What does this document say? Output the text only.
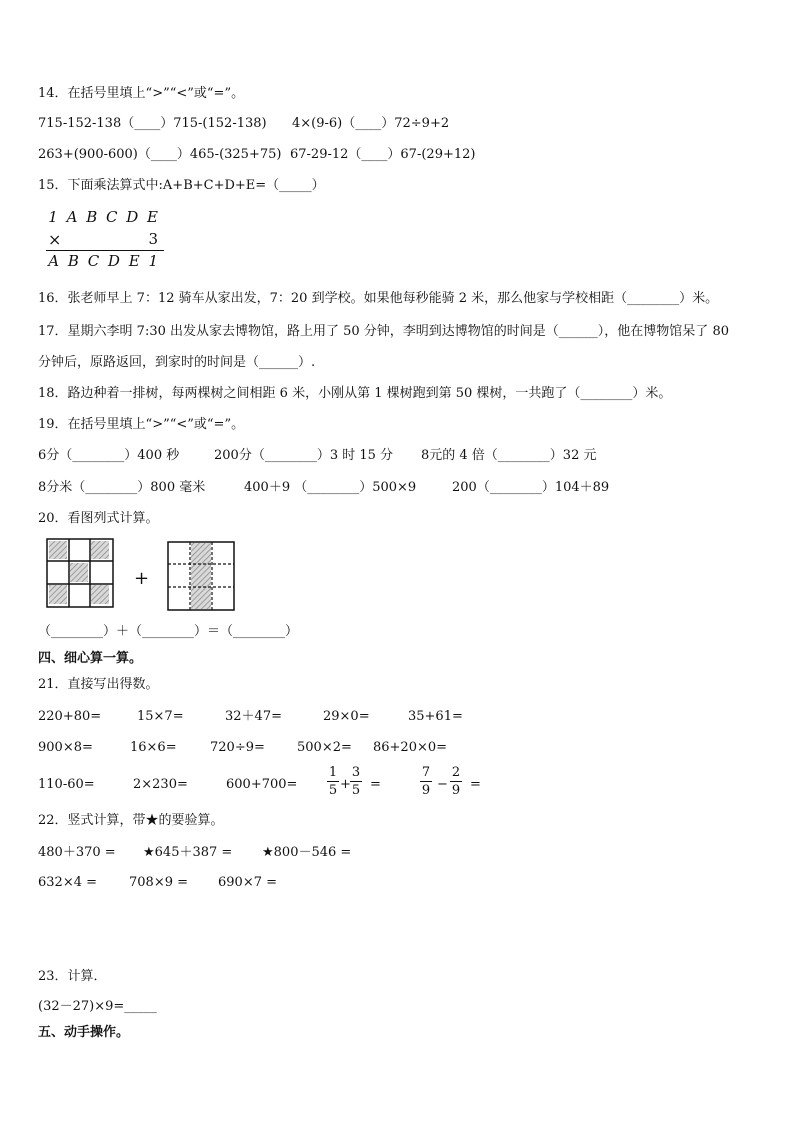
14．在括号里填上“>”“<”或“=”。
715-152-138（____）715-(152-138) 4×(9-6)（____）72÷9+2
263+(900-600)（____）465-(325+75) 67-29-12（____）67-(29+12)
15．下面乘法算式中:A+B+C+D+E=（_____）
1 A B C D E
×	3
A B C D E 1
16．张老师早上 7：12 骑车从家出发，7：20 到学校。如果他每秒能骑 2 米，那么他家与学校相距（________）米。
17．星期六李明 7:30 出发从家去博物馆，路上用了 50 分钟，李明到达博物馆的时间是（______），他在博物馆呆了 80
分钟后，原路返回，到家时的时间是（______）.
18．路边种着一排树，每两棵树之间相距 6 米，小刚从第 1 棵树跑到第 50 棵树，一共跑了（________）米。
19．在括号里填上“>”“<”或“=”。
6分（________）400 秒	200分（________）3 时 15 分 8元的 4 倍（________）32 元
8分米（________）800 毫米	400＋9 （________）500×9	200（________）104＋89
20．看图列式计算。
+
（________）＋（________）＝（________）
四、细心算一算。
21．直接写出得数。
220+80=	15×7=	32＋47=	29×0=	35+61=
900×8=	16×6=	720÷9= 500×2= 86+20×0=
110-60=	2×230=	600+700=
1
5 +
3
5 =
7
9 −
2
9 =
22．竖式计算，带★的要验算。
480＋370 = ★645＋387 = ★800－546 =
632×4 = 708×9 = 690×7 =
23．计算．
(32－27)×9=_____
五、动手操作。
